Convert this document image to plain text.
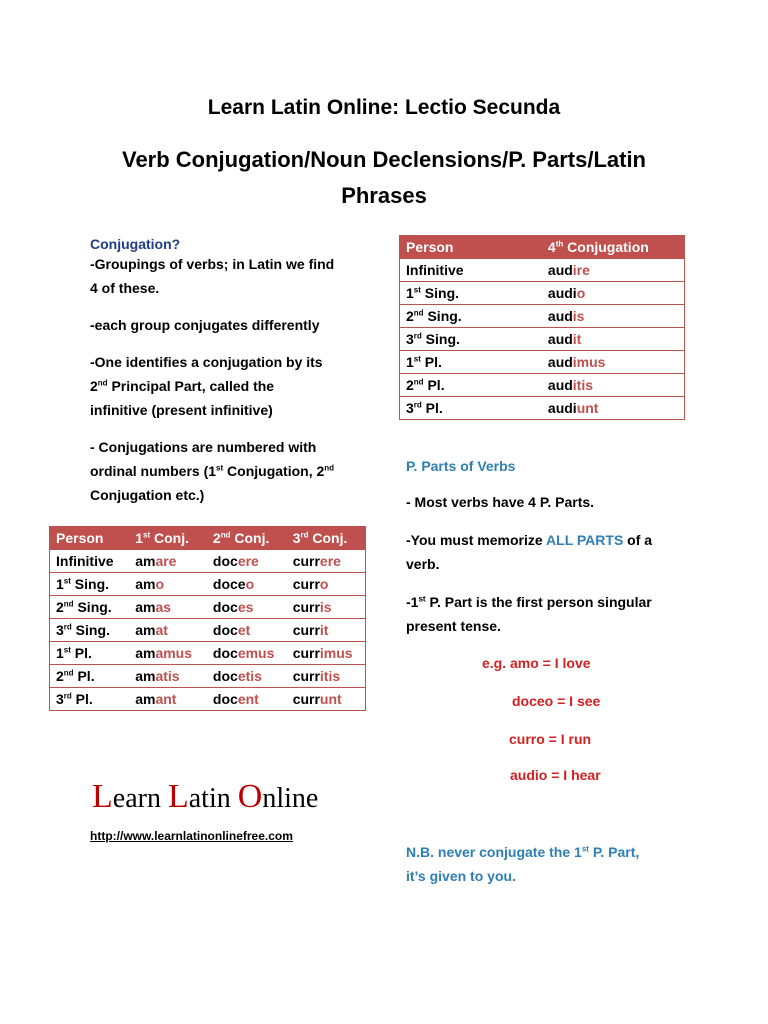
Learn Latin Online: Lectio Secunda
Verb Conjugation/Noun Declensions/P. Parts/Latin
Phrases
Conjugation?
-Groupings of verbs; in Latin we find
4 of these.
-each group conjugates differently
-One identifies a conjugation by its
2nd Principal Part, called the
infinitive (present infinitive)
- Conjugations are numbered with
ordinal numbers (1st Conjugation, 2nd
Conjugation etc.)
Person	1st Conj.	2nd Conj.	3rd Conj.
Infinitive	amare	docere	currere
1st Sing.	amo	doceo	curro
2nd Sing.	amas	doces	curris
3rd Sing.	amat	docet	currit
1st Pl.	amamus	docemus	currimus
2nd Pl.	amatis	docetis	curritis
3rd Pl.	amant	docent	currunt
Person	4th Conjugation
Infinitive	audire
1st Sing.	audio
2nd Sing.	audis
3rd Sing.	audit
1st Pl.	audimus
2nd Pl.	auditis
3rd Pl.	audiunt
P. Parts of Verbs
- Most verbs have 4 P. Parts.
-You must memorize ALL PARTS of a
verb.
-1st P. Part is the first person singular
present tense.
e.g. amo = I love
doceo = I see
curro = I run
audio = I hear
N.B. never conjugate the 1st P. Part,
it’s given to you.
Learn Latin Online
http://www.learnlatinonlinefree.com
